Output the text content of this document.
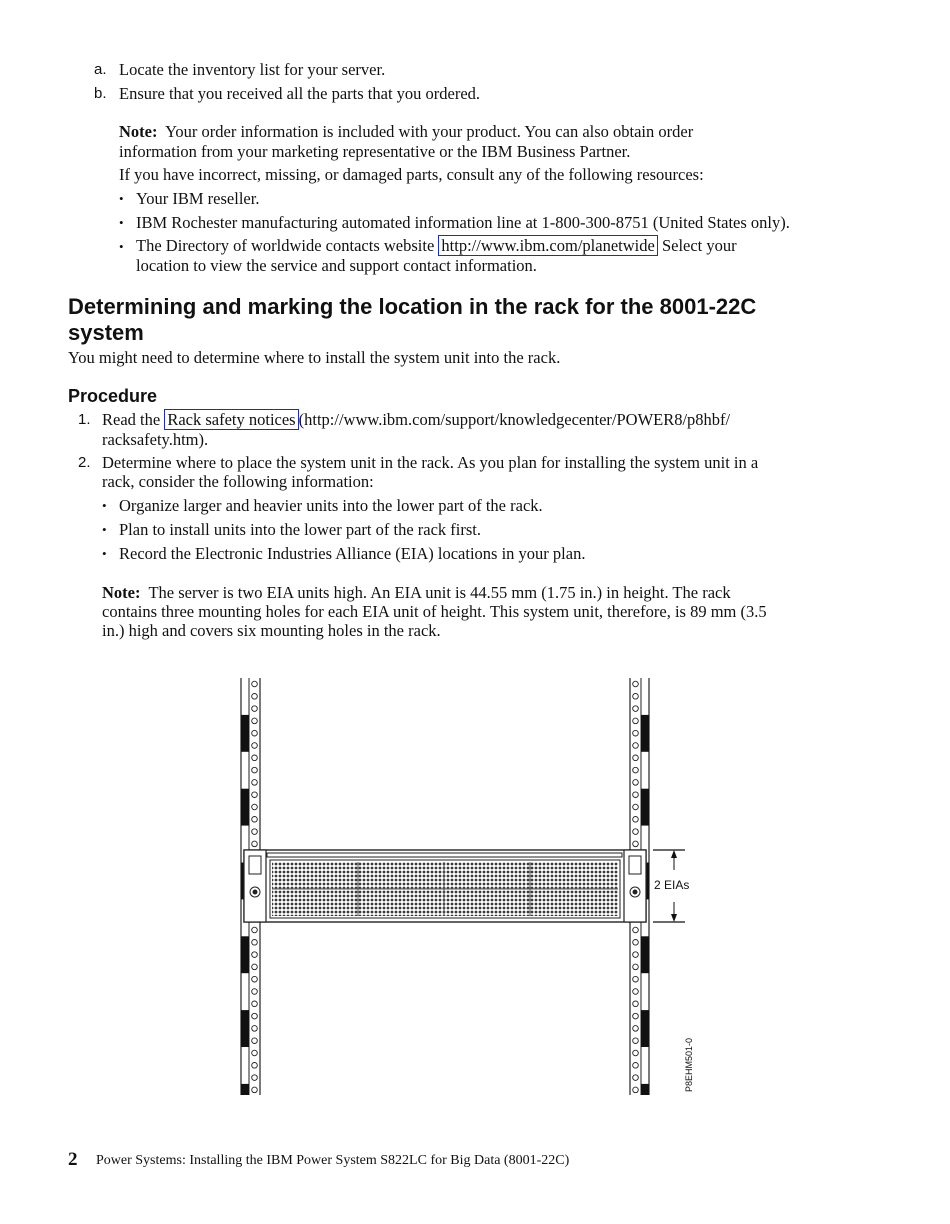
a. Locate the inventory list for your server.
b. Ensure that you received all the parts that you ordered.
Note: Your order information is included with your product. You can also obtain order
information from your marketing representative or the IBM Business Partner.
If you have incorrect, missing, or damaged parts, consult any of the following resources:
• Your IBM reseller.
• IBM Rochester manufacturing automated information line at 1-800-300-8751 (United States only).
• The Directory of worldwide contacts website http://www.ibm.com/planetwide Select your
location to view the service and support contact information.
Determining and marking the location in the rack for the 8001-22C
system
You might need to determine where to install the system unit into the rack.
Procedure
1. Read the Rack safety notices (http://www.ibm.com/support/knowledgecenter/POWER8/p8hbf/
racksafety.htm).
2. Determine where to place the system unit in the rack. As you plan for installing the system unit in a
rack, consider the following information:
• Organize larger and heavier units into the lower part of the rack.
• Plan to install units into the lower part of the rack first.
• Record the Electronic Industries Alliance (EIA) locations in your plan.
Note: The server is two EIA units high. An EIA unit is 44.55 mm (1.75 in.) in height. The rack
contains three mounting holes for each EIA unit of height. This system unit, therefore, is 89 mm (3.5
in.) high and covers six mounting holes in the rack.
2 EIAs
P8EHM501-0
2 Power Systems: Installing the IBM Power System S822LC for Big Data (8001-22C)
